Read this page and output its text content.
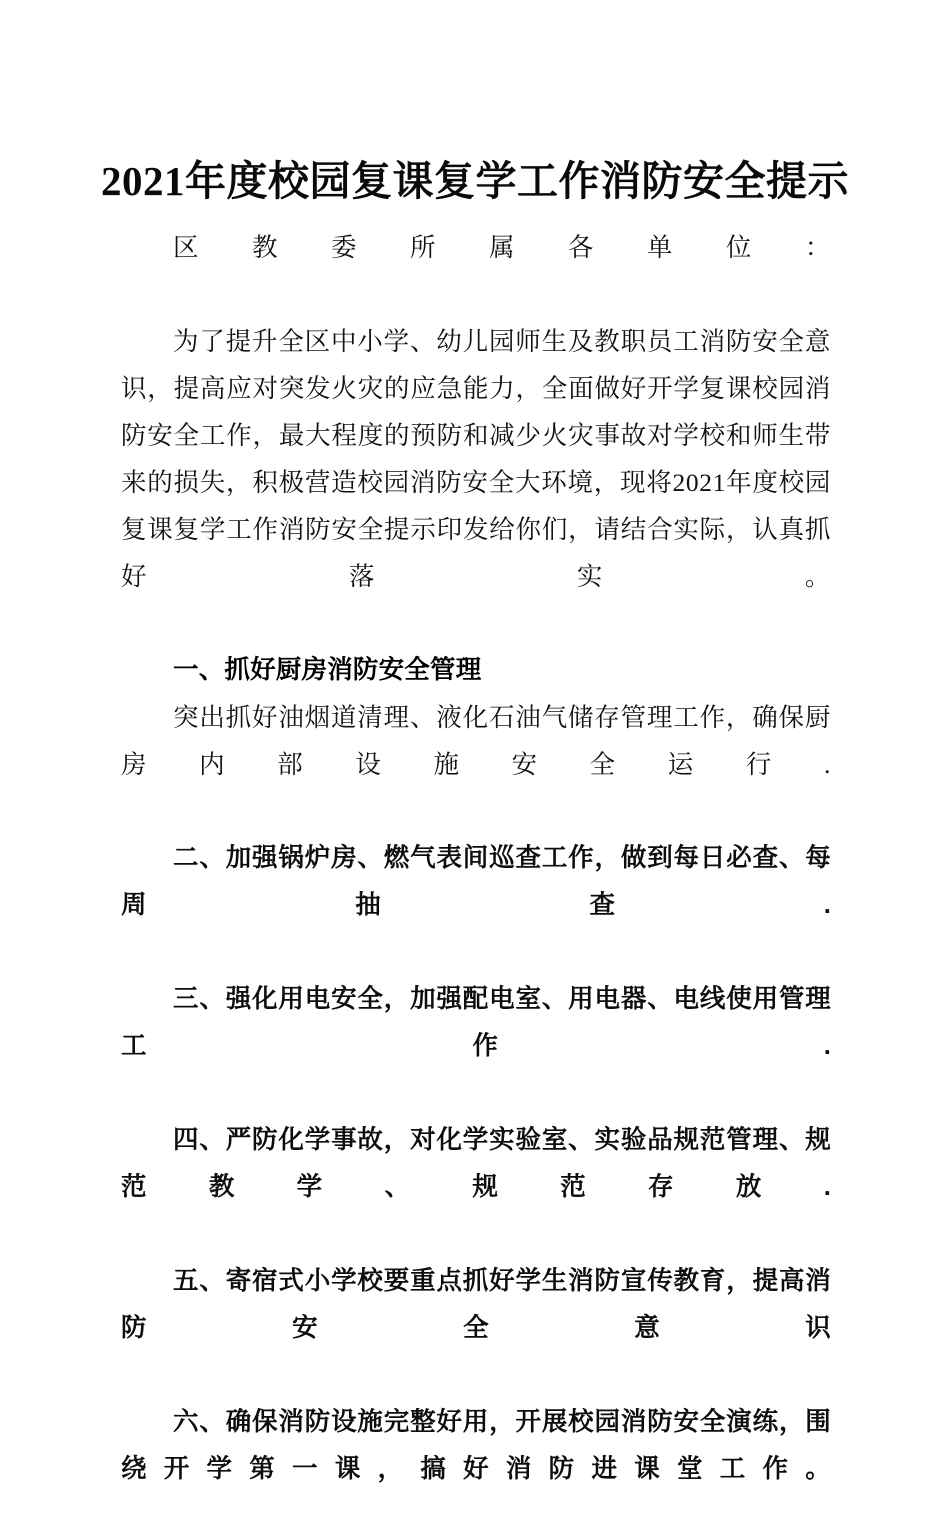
2021年度校园复课复学工作消防安全提示

区教委所属各单位：

为了提升全区中小学、幼儿园师生及教职员工消防安全意识，提高应对突发火灾的应急能力，全面做好开学复课校园消防安全工作，最大程度的预防和减少火灾事故对学校和师生带来的损失，积极营造校园消防安全大环境，现将2021年度校园复课复学工作消防安全提示印发给你们，请结合实际，认真抓好落实。

一、抓好厨房消防安全管理

突出抓好油烟道清理、液化石油气储存管理工作，确保厨房内部设施安全运行.

二、加强锅炉房、燃气表间巡查工作，做到每日必查、每周抽查.

三、强化用电安全，加强配电室、用电器、电线使用管理工作.

四、严防化学事故，对化学实验室、实验品规范管理、规范教学、规范存放.

五、寄宿式小学校要重点抓好学生消防宣传教育，提高消防安全意识

六、确保消防设施完整好用，开展校园消防安全演练，围绕开学第一课，搞好消防进课堂工作。
